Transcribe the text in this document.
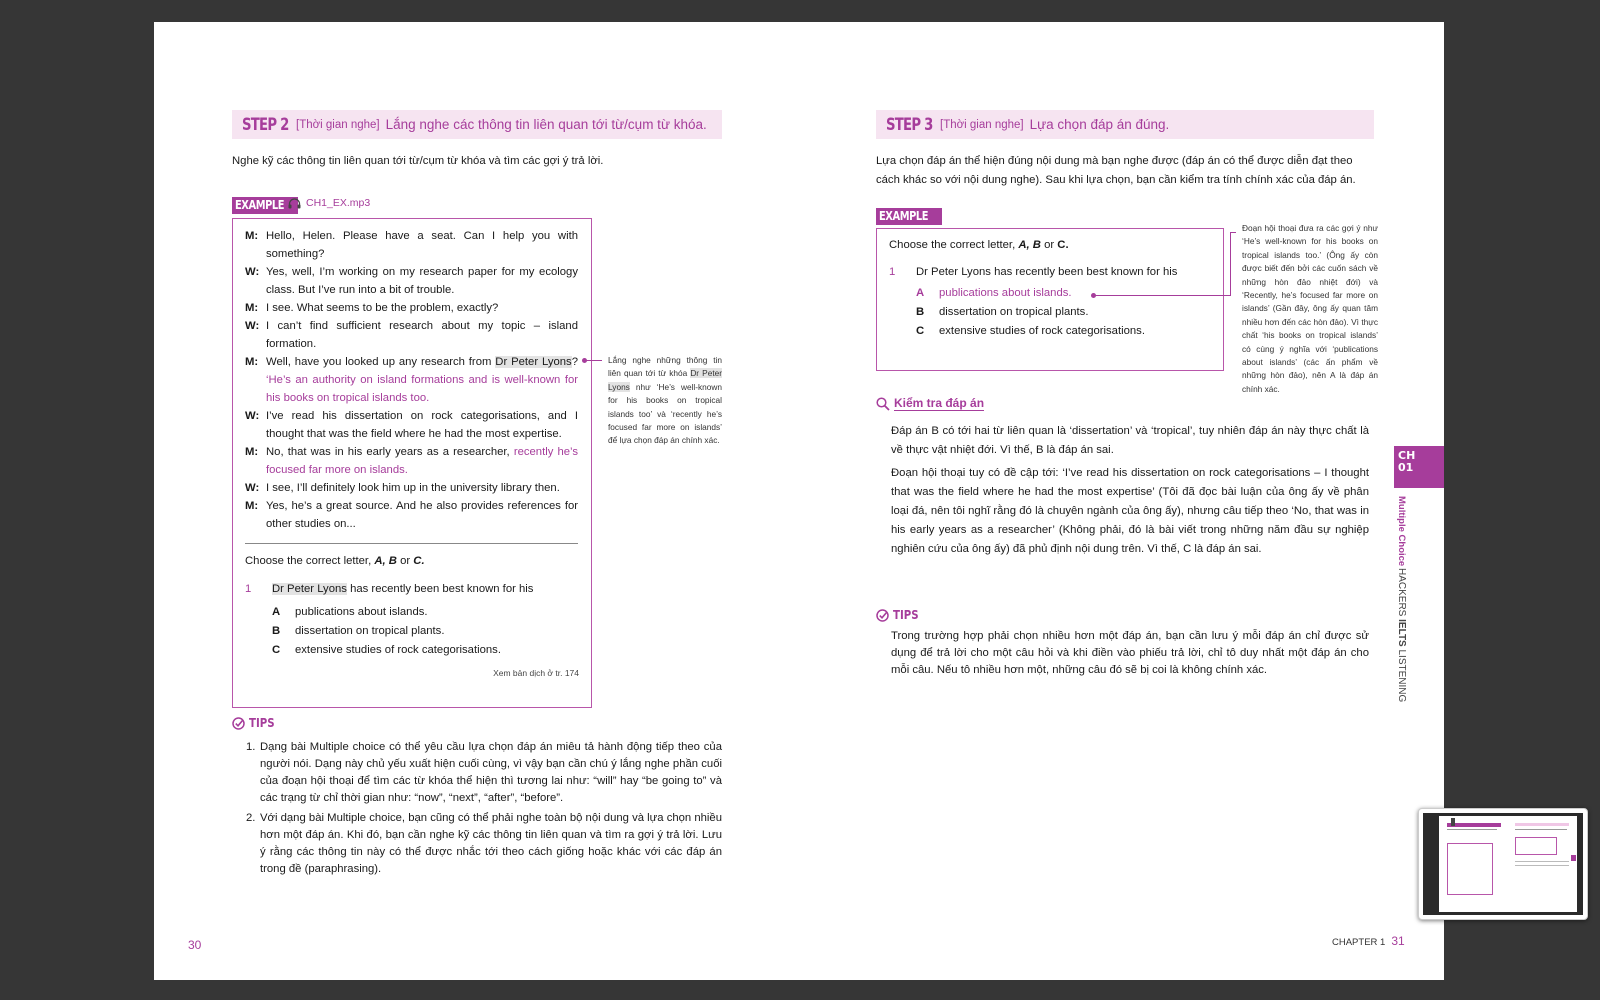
STEP 2 [Thời gian nghe] Lắng nghe các thông tin liên quan tới từ/cụm từ khóa.
Nghe kỹ các thông tin liên quan tới từ/cụm từ khóa và tìm các gợi ý trả lời.
EXAMPLE	CH1_EX.mp3
M: Hello, Helen. Please have a seat. Can I help you with something?
W: Yes, well, I’m working on my research paper for my ecology class. But I’ve run into a bit of trouble.
M: I see. What seems to be the problem, exactly?
W: I can’t find sufficient research about my topic – island formation.
M: Well, have you looked up any research from Dr Peter Lyons? ‘He’s an authority on island formations and is well-known for his books on tropical islands too.
W: I’ve read his dissertation on rock categorisations, and I thought that was the field where he had the most expertise.
M: No, that was in his early years as a researcher, recently he’s focused far more on islands.
W: I see, I’ll definitely look him up in the university library then.
M: Yes, he’s a great source. And he also provides references for other studies on...
Choose the correct letter, A, B or C.
1	Dr Peter Lyons has recently been best known for his
A	publications about islands.
B	dissertation on tropical plants.
C	extensive studies of rock categorisations.
Xem bản dịch ở tr. 174
Lắng nghe những thông tin liên quan tới từ khóa Dr Peter Lyons như ‘He’s well-known for his books on tropical islands too’ và ‘recently he’s focused far more on islands’ để lựa chọn đáp án chính xác.
TIPS
1. Dạng bài Multiple choice có thể yêu cầu lựa chọn đáp án miêu tả hành động tiếp theo của người nói. Dạng này chủ yếu xuất hiện cuối cùng, vì vậy bạn cần chú ý lắng nghe phần cuối của đoạn hội thoại để tìm các từ khóa thể hiện thì tương lai như: “will” hay “be going to” và các trạng từ chỉ thời gian như: “now”, “next”, “after”, “before”.
2. Với dạng bài Multiple choice, bạn cũng có thể phải nghe toàn bộ nội dung và lựa chọn nhiều hơn một đáp án. Khi đó, bạn cần nghe kỹ các thông tin liên quan và tìm ra gợi ý trả lời. Lưu ý rằng các thông tin này có thể được nhắc tới theo cách giống hoặc khác với các đáp án trong đề (paraphrasing).
30
STEP 3 [Thời gian nghe] Lựa chọn đáp án đúng.
Lựa chọn đáp án thể hiện đúng nội dung mà bạn nghe được (đáp án có thể được diễn đạt theo cách khác so với nội dung nghe). Sau khi lựa chọn, bạn cần kiểm tra tính chính xác của đáp án.
EXAMPLE
Choose the correct letter, A, B or C.
1	Dr Peter Lyons has recently been best known for his
A	publications about islands.
B	dissertation on tropical plants.
C	extensive studies of rock categorisations.
Đoạn hội thoại đưa ra các gợi ý như ‘He’s well-known for his books on tropical islands too.’ (Ông ấy còn được biết đến bởi các cuốn sách về những hòn đảo nhiệt đới) và ‘Recently, he’s focused far more on islands’ (Gần đây, ông ấy quan tâm nhiều hơn đến các hòn đảo). Vì thực chất ‘his books on tropical islands’ có cùng ý nghĩa với ‘publications about islands’ (các ấn phẩm về những hòn đảo), nên A là đáp án chính xác.
Kiểm tra đáp án

Đáp án B có tới hai từ liên quan là ‘dissertation’ và ‘tropical’, tuy nhiên đáp án này thực chất là về thực vật nhiệt đới. Vì thế, B là đáp án sai.

Đoạn hội thoại tuy có đề cập tới: ‘I’ve read his dissertation on rock categorisations – I thought that was the field where he had the most expertise’ (Tôi đã đọc bài luận của ông ấy về phân loại đá, nên tôi nghĩ rằng đó là chuyên ngành của ông ấy), nhưng câu tiếp theo ‘No, that was in his early years as a researcher’ (Không phải, đó là bài viết trong những năm đầu sự nghiệp nghiên cứu của ông ấy) đã phủ định nội dung trên. Vì thế, C là đáp án sai.

TIPS
Trong trường hợp phải chọn nhiều hơn một đáp án, bạn cần lưu ý mỗi đáp án chỉ được sử dụng để trả lời cho một câu hỏi và khi điền vào phiếu trả lời, chỉ tô duy nhất một đáp án cho mỗi câu. Nếu tô nhiều hơn một, những câu đó sẽ bị coi là không chính xác.
CH
01
Multiple Choice
HACKERS IELTS LISTENING
CHAPTER 1 31
